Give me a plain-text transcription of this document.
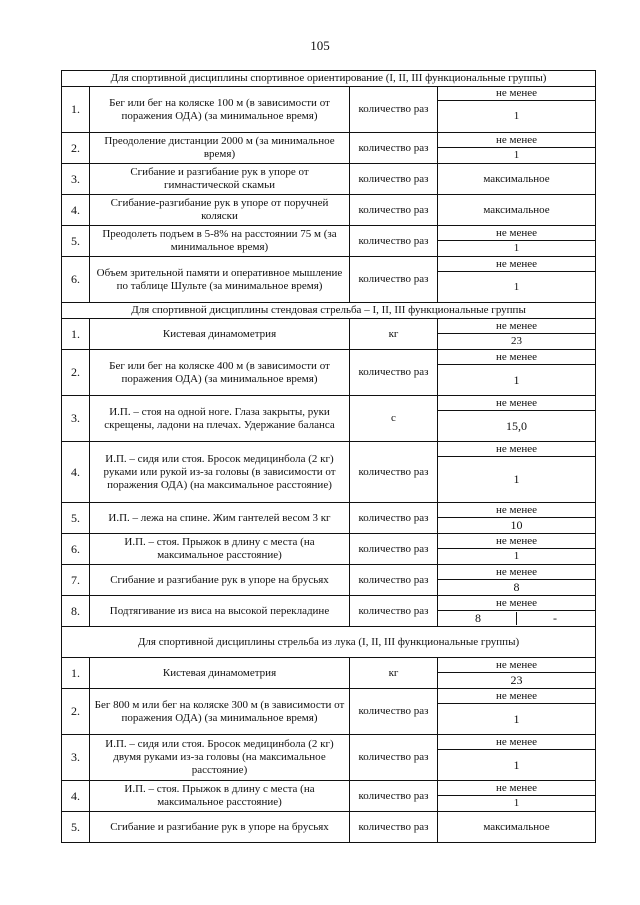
105
Для спортивной дисциплины спортивное ориентирование (I, II, III функциональные группы)			
1.	Бег или бег на коляске 100 м (в зависимости от поражения ОДА) (за минимальное время)	количество раз	не менее
			1
2.	Преодоление дистанции 2000 м (за минимальное время)	количество раз	не менее
			1
3.	Сгибание и разгибание рук в упоре от гимнастической скамьи	количество раз	максимальное
4.	Сгибание-разгибание рук в упоре от поручней коляски	количество раз	максимальное
5.	Преодолеть подъем в 5-8% на расстоянии 75 м (за минимальное время)	количество раз	не менее
			1
6.	Объем зрительной памяти и оперативное мышление по таблице Шульте (за минимальное время)	количество раз	не менее
			1
Для спортивной дисциплины стендовая стрельба – I, II, III функциональные группы			
1.	Кистевая динамометрия	кг	не менее
			23
2.	Бег или бег на коляске 400 м (в зависимости от поражения ОДА) (за минимальное время)	количество раз	не менее
			1
3.	И.П. – стоя на одной ноге. Глаза закрыты, руки скрещены, ладони на плечах. Удержание баланса	с	не менее
			15,0
4.	И.П. – сидя или стоя. Бросок медицинбола (2 кг) руками или рукой из-за головы (в зависимости от поражения ОДА) (на максимальное расстояние)	количество раз	не менее
			1
5.	И.П. – лежа на спине. Жим гантелей весом 3 кг	количество раз	не менее
			10
6.	И.П. – стоя. Прыжок в длину с места (на максимальное расстояние)	количество раз	не менее
			1
7.	Сгибание и разгибание рук в упоре на брусьях	количество раз	не менее
			8
8.	Подтягивание из виса на высокой перекладине	количество раз	не менее

			8 -

Для спортивной дисциплины стрельба из лука (I, II, III функциональные группы)			
1.	Кистевая динамометрия	кг	не менее
			23
2.	Бег 800 м или бег на коляске 300 м (в зависимости от поражения ОДА) (за минимальное время)	количество раз	не менее
			1
3.	И.П. – сидя или стоя. Бросок медицинбола (2 кг) двумя руками из-за головы (на максимальное расстояние)	количество раз	не менее
			1
4.	И.П. – стоя. Прыжок в длину с места (на максимальное расстояние)	количество раз	не менее
			1
5.	Сгибание и разгибание рук в упоре на брусьях	количество раз	максимальное
